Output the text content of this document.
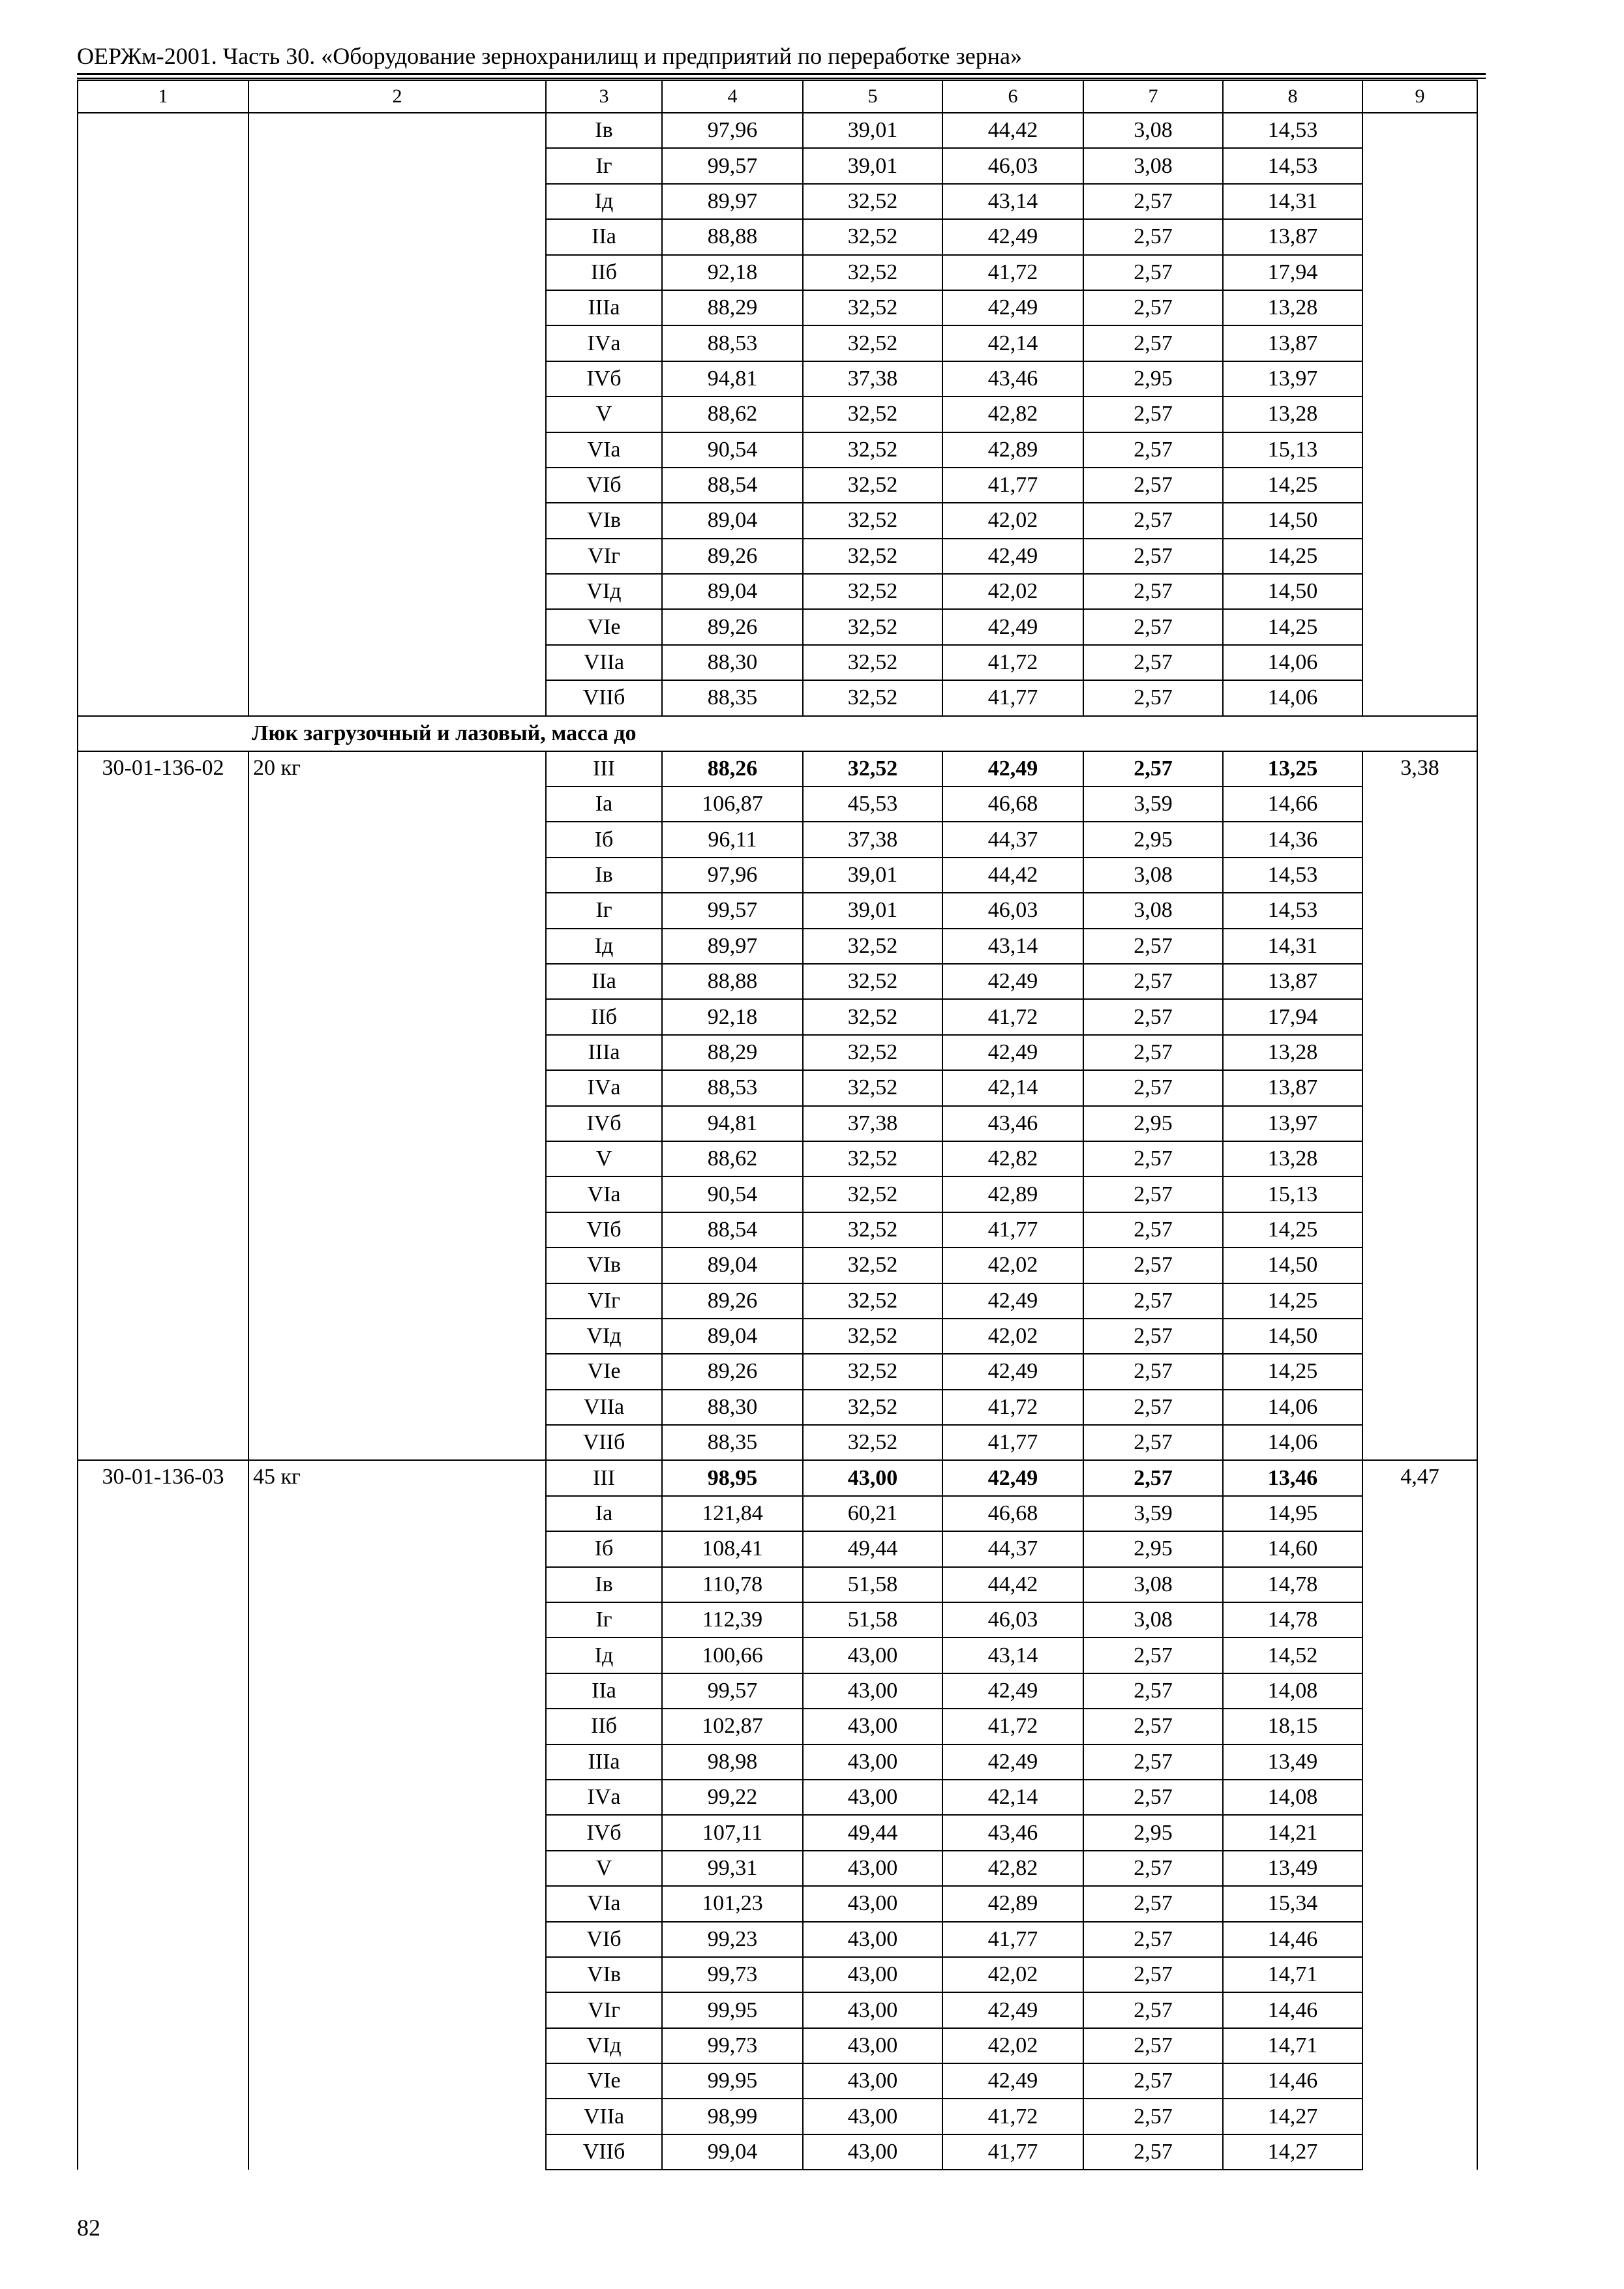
ОЕРЖм-2001. Часть 30. «Оборудование зернохранилищ и предприятий по переработке зерна»
1	2	3	4	5	6	7	8	9
		Iв	97,96	39,01	44,42	3,08	14,53	
		Iг	99,57	39,01	46,03	3,08	14,53	
		Iд	89,97	32,52	43,14	2,57	14,31	
		IIа	88,88	32,52	42,49	2,57	13,87	
		IIб	92,18	32,52	41,72	2,57	17,94	
		IIIа	88,29	32,52	42,49	2,57	13,28	
		IVа	88,53	32,52	42,14	2,57	13,87	
		IVб	94,81	37,38	43,46	2,95	13,97	
		V	88,62	32,52	42,82	2,57	13,28	
		VIа	90,54	32,52	42,89	2,57	15,13	
		VIб	88,54	32,52	41,77	2,57	14,25	
		VIв	89,04	32,52	42,02	2,57	14,50	
		VIг	89,26	32,52	42,49	2,57	14,25	
		VIд	89,04	32,52	42,02	2,57	14,50	
		VIе	89,26	32,52	42,49	2,57	14,25	
		VIIа	88,30	32,52	41,72	2,57	14,06	
		VIIб	88,35	32,52	41,77	2,57	14,06	
Люк загрузочный и лазовый, масса до								
30-01-136-02	20 кг	III	88,26	32,52	42,49	2,57	13,25	3,38
		Iа	106,87	45,53	46,68	3,59	14,66	
		Iб	96,11	37,38	44,37	2,95	14,36	
		Iв	97,96	39,01	44,42	3,08	14,53	
		Iг	99,57	39,01	46,03	3,08	14,53	
		Iд	89,97	32,52	43,14	2,57	14,31	
		IIа	88,88	32,52	42,49	2,57	13,87	
		IIб	92,18	32,52	41,72	2,57	17,94	
		IIIа	88,29	32,52	42,49	2,57	13,28	
		IVа	88,53	32,52	42,14	2,57	13,87	
		IVб	94,81	37,38	43,46	2,95	13,97	
		V	88,62	32,52	42,82	2,57	13,28	
		VIа	90,54	32,52	42,89	2,57	15,13	
		VIб	88,54	32,52	41,77	2,57	14,25	
		VIв	89,04	32,52	42,02	2,57	14,50	
		VIг	89,26	32,52	42,49	2,57	14,25	
		VIд	89,04	32,52	42,02	2,57	14,50	
		VIе	89,26	32,52	42,49	2,57	14,25	
		VIIа	88,30	32,52	41,72	2,57	14,06	
		VIIб	88,35	32,52	41,77	2,57	14,06	
30-01-136-03	45 кг	III	98,95	43,00	42,49	2,57	13,46	4,47
		Iа	121,84	60,21	46,68	3,59	14,95	
		Iб	108,41	49,44	44,37	2,95	14,60	
		Iв	110,78	51,58	44,42	3,08	14,78	
		Iг	112,39	51,58	46,03	3,08	14,78	
		Iд	100,66	43,00	43,14	2,57	14,52	
		IIа	99,57	43,00	42,49	2,57	14,08	
		IIб	102,87	43,00	41,72	2,57	18,15	
		IIIа	98,98	43,00	42,49	2,57	13,49	
		IVа	99,22	43,00	42,14	2,57	14,08	
		IVб	107,11	49,44	43,46	2,95	14,21	
		V	99,31	43,00	42,82	2,57	13,49	
		VIа	101,23	43,00	42,89	2,57	15,34	
		VIб	99,23	43,00	41,77	2,57	14,46	
		VIв	99,73	43,00	42,02	2,57	14,71	
		VIг	99,95	43,00	42,49	2,57	14,46	
		VIд	99,73	43,00	42,02	2,57	14,71	
		VIе	99,95	43,00	42,49	2,57	14,46	
		VIIа	98,99	43,00	41,72	2,57	14,27	
		VIIб	99,04	43,00	41,77	2,57	14,27	
82
